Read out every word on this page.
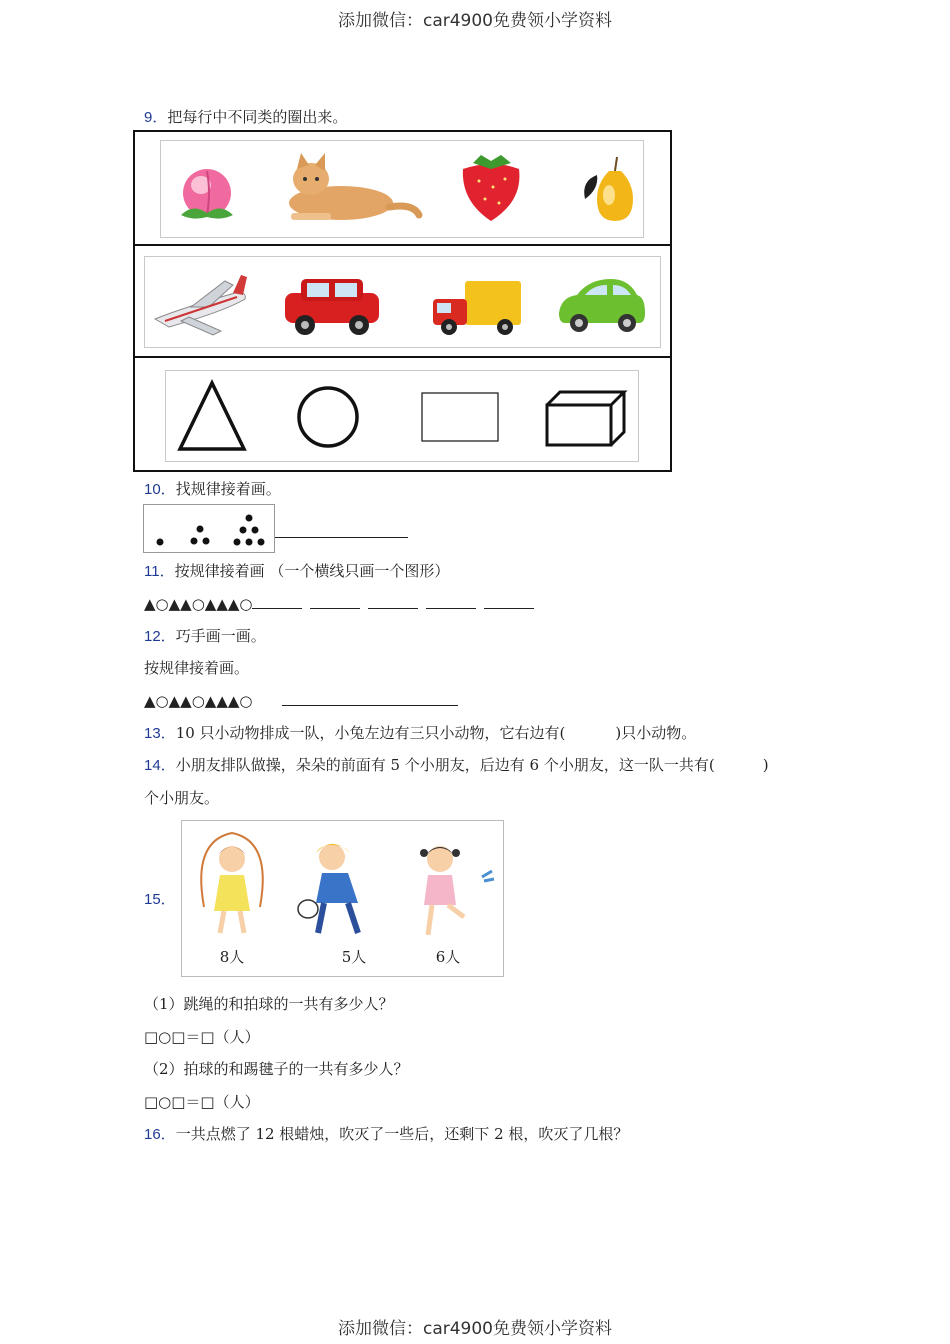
添加微信：car4900免费领小学资料
9．把每行中不同类的圈出来。
10．找规律接着画。
11．按规律接着画 （一个横线只画一个图形）
▲○▲▲○▲▲▲○
12．巧手画一画。
按规律接着画。
▲○▲▲○▲▲▲○
13．10 只小动物排成一队，小兔左边有三只小动物，它右边有(	)只小动物。
14．小朋友排队做操，朵朵的前面有 5 个小朋友，后边有 6 个小朋友，这一队一共有(	)
个小朋友。
15．
8人	5人	6人
（1）跳绳的和拍球的一共有多少人？
□○□＝□（人）
（2）拍球的和踢毽子的一共有多少人？
□○□＝□（人）
16．一共点燃了 12 根蜡烛，吹灭了一些后，还剩下 2 根，吹灭了几根？
添加微信：car4900免费领小学资料
